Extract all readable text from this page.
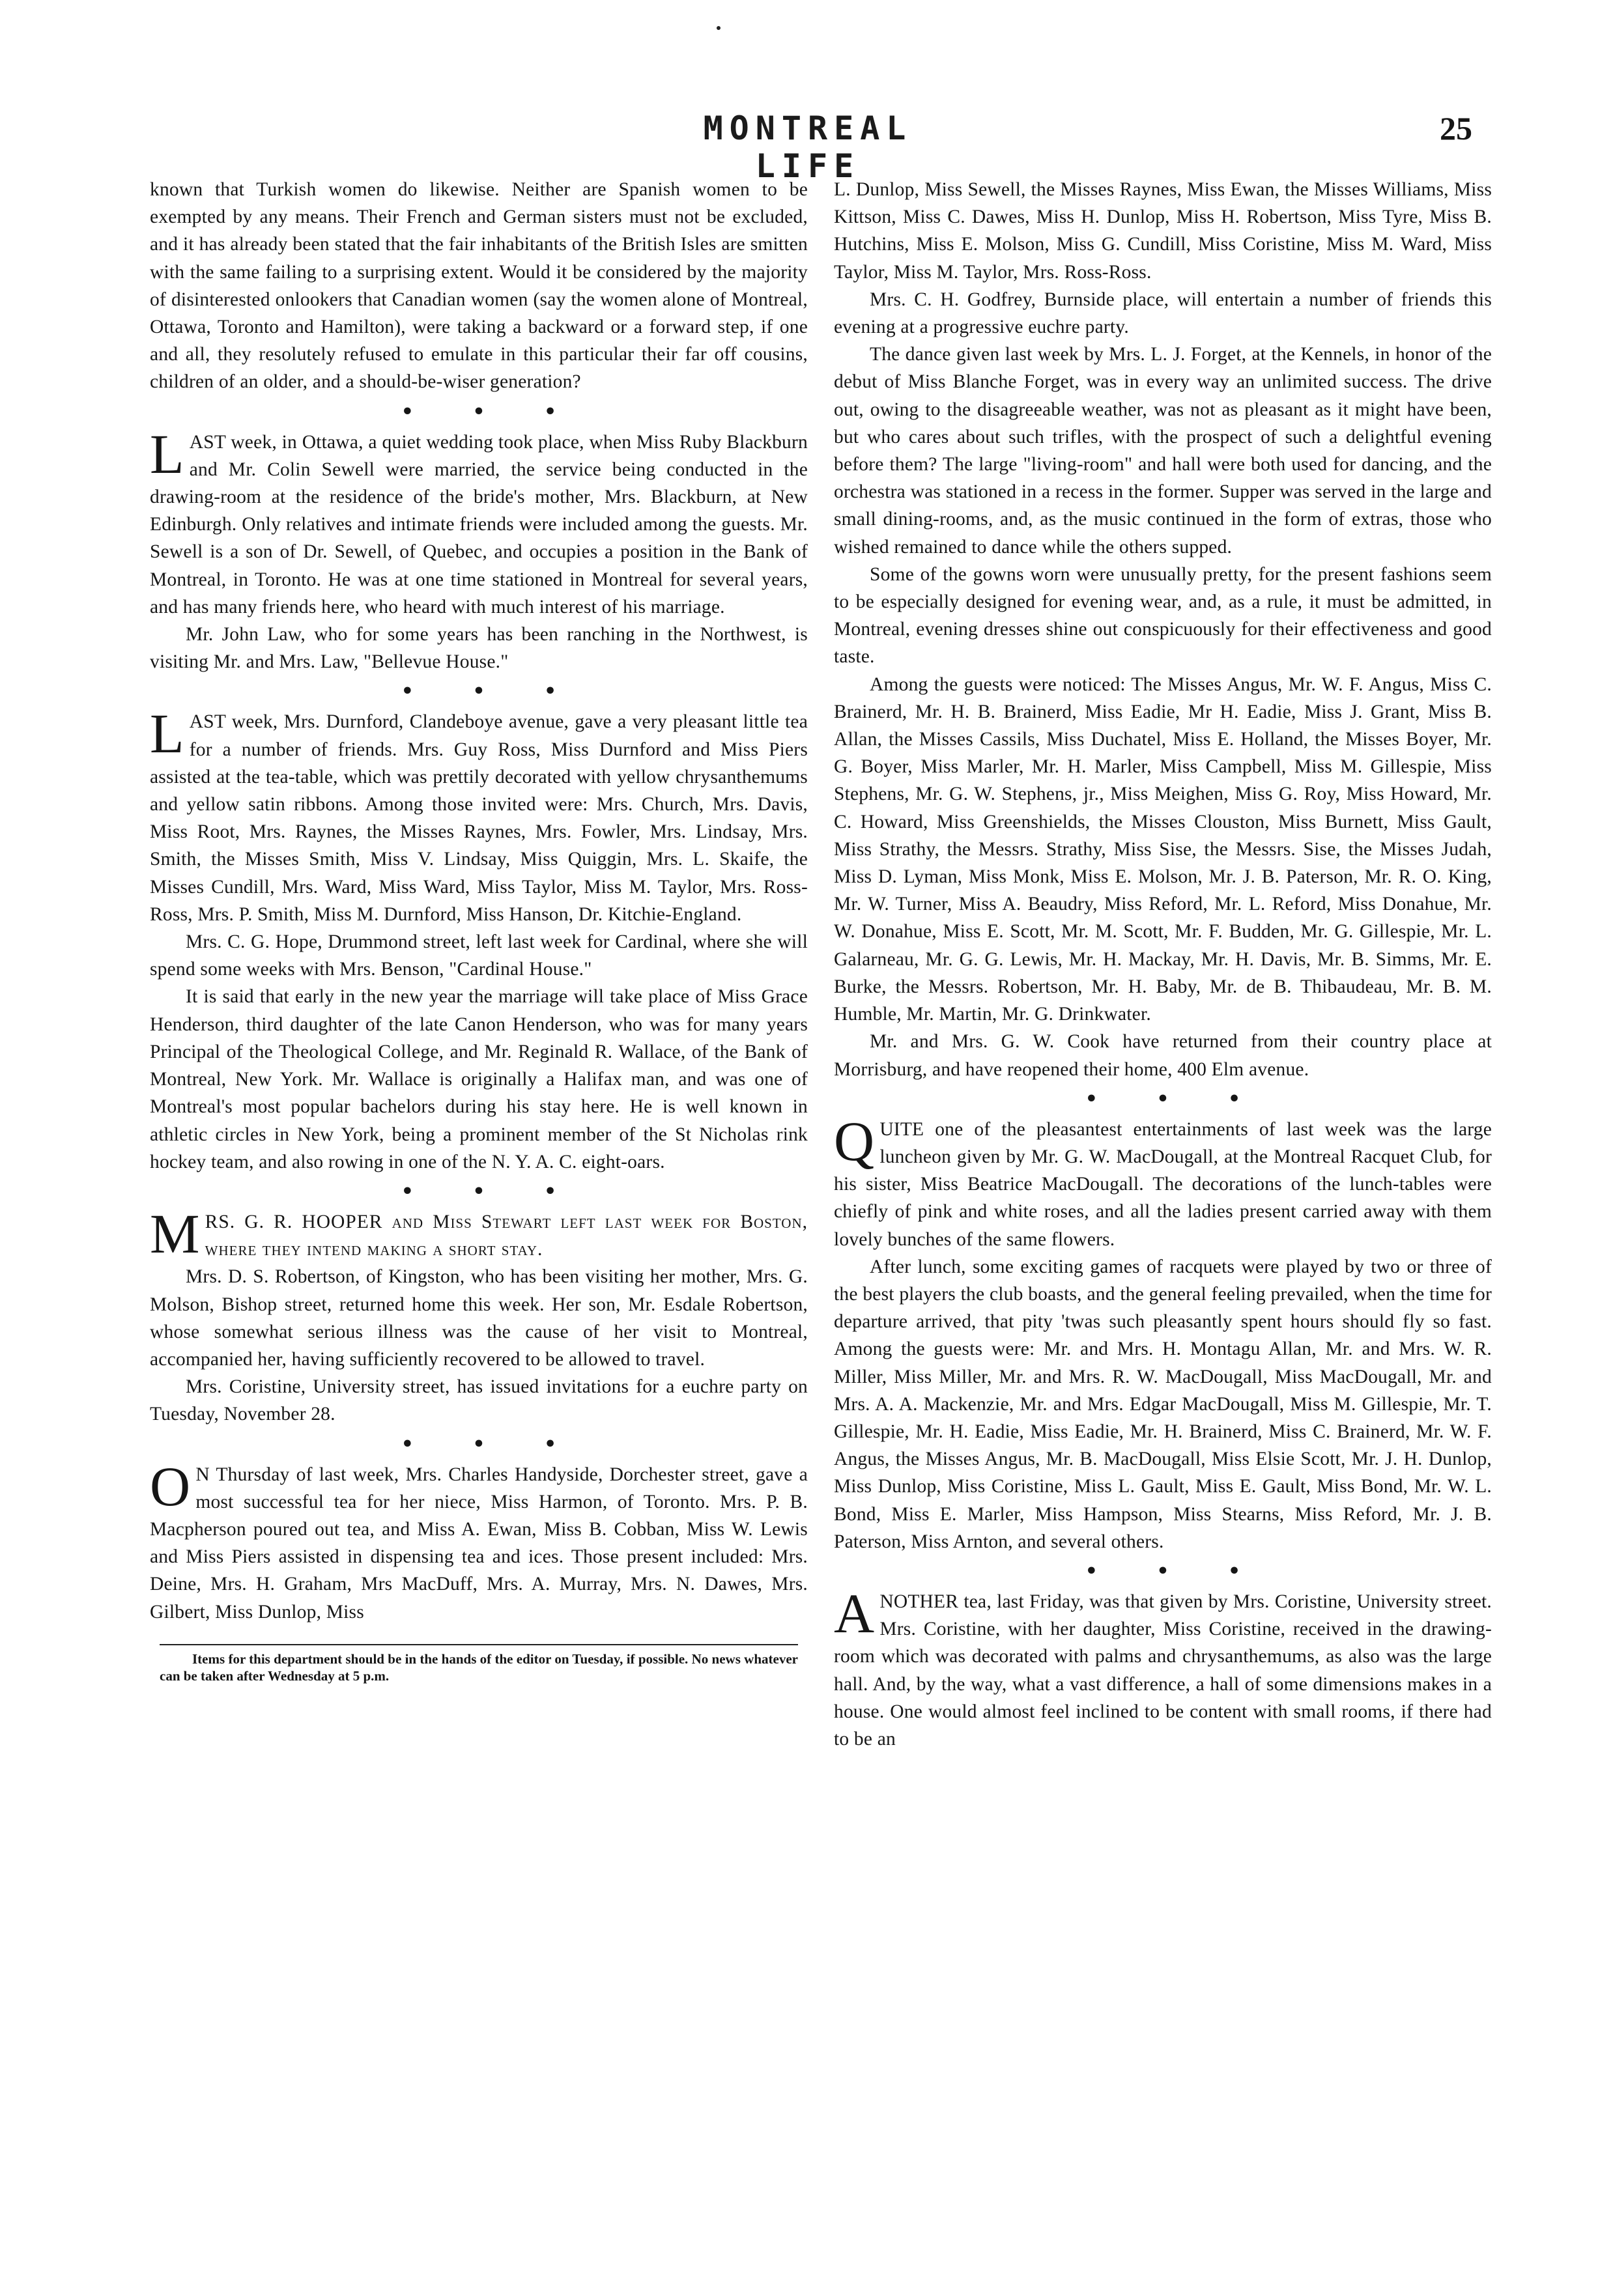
MONTREAL LIFE
25

known that Turkish women do likewise. Neither are Spanish women to be exempted by any means. Their French and German sisters must not be excluded, and it has already been stated that the fair inhabitants of the British Isles are smitten with the same failing to a surprising extent. Would it be considered by the majority of disinterested onlookers that Canadian women (say the women alone of Montreal, Ottawa, Toronto and Hamilton), were taking a backward or a forward step, if one and all, they resolutely refused to emulate in this particular their far off cousins, children of an older, and a should-be-wiser generation?

• • •

LAST week, in Ottawa, a quiet wedding took place, when Miss Ruby Blackburn and Mr. Colin Sewell were married, the service being conducted in the drawing-room at the residence of the bride's mother, Mrs. Blackburn, at New Edinburgh. Only relatives and intimate friends were included among the guests. Mr. Sewell is a son of Dr. Sewell, of Quebec, and occupies a position in the Bank of Montreal, in Toronto. He was at one time stationed in Montreal for several years, and has many friends here, who heard with much interest of his marriage.

Mr. John Law, who for some years has been ranching in the Northwest, is visiting Mr. and Mrs. Law, "Bellevue House."

• • •

LAST week, Mrs. Durnford, Clandeboye avenue, gave a very pleasant little tea for a number of friends. Mrs. Guy Ross, Miss Durnford and Miss Piers assisted at the tea-table, which was prettily decorated with yellow chrysanthemums and yellow satin ribbons. Among those invited were: Mrs. Church, Mrs. Davis, Miss Root, Mrs. Raynes, the Misses Raynes, Mrs. Fowler, Mrs. Lindsay, Mrs. Smith, the Misses Smith, Miss V. Lindsay, Miss Quiggin, Mrs. L. Skaife, the Misses Cundill, Mrs. Ward, Miss Ward, Miss Taylor, Miss M. Taylor, Mrs. Ross-Ross, Mrs. P. Smith, Miss M. Durnford, Miss Hanson, Dr. Kitchie-England.

Mrs. C. G. Hope, Drummond street, left last week for Cardinal, where she will spend some weeks with Mrs. Benson, "Cardinal House."

It is said that early in the new year the marriage will take place of Miss Grace Henderson, third daughter of the late Canon Henderson, who was for many years Principal of the Theological College, and Mr. Reginald R. Wallace, of the Bank of Montreal, New York. Mr. Wallace is originally a Halifax man, and was one of Montreal's most popular bachelors during his stay here. He is well known in athletic circles in New York, being a prominent member of the St Nicholas rink hockey team, and also rowing in one of the N. Y. A. C. eight-oars.

• • •

MRS. G. R. HOOPER and Miss Stewart left last week for Boston, where they intend making a short stay.

Mrs. D. S. Robertson, of Kingston, who has been visiting her mother, Mrs. G. Molson, Bishop street, returned home this week. Her son, Mr. Esdale Robertson, whose somewhat serious illness was the cause of her visit to Montreal, accompanied her, having sufficiently recovered to be allowed to travel.

Mrs. Coristine, University street, has issued invitations for a euchre party on Tuesday, November 28.

• • •

O N Thursday of last week, Mrs. Charles Handyside, Dorchester street, gave a most successful tea for her niece, Miss Harmon, of Toronto. Mrs. P. B. Macpherson poured out tea, and Miss A. Ewan, Miss B. Cobban, Miss W. Lewis and Miss Piers assisted in dispensing tea and ices. Those present included: Mrs. Deine, Mrs. H. Graham, Mrs MacDuff, Mrs. A. Murray, Mrs. N. Dawes, Mrs. Gilbert, Miss Dunlop, Miss

Items for this department should be in the hands of the editor on Tuesday, if possible. No news whatever can be taken after Wednesday at 5 p.m.

L. Dunlop, Miss Sewell, the Misses Raynes, Miss Ewan, the Misses Williams, Miss Kittson, Miss C. Dawes, Miss H. Dunlop, Miss H. Robertson, Miss Tyre, Miss B. Hutchins, Miss E. Molson, Miss G. Cundill, Miss Coristine, Miss M. Ward, Miss Taylor, Miss M. Taylor, Mrs. Ross-Ross.

Mrs. C. H. Godfrey, Burnside place, will entertain a number of friends this evening at a progressive euchre party.

The dance given last week by Mrs. L. J. Forget, at the Kennels, in honor of the debut of Miss Blanche Forget, was in every way an unlimited success. The drive out, owing to the disagreeable weather, was not as pleasant as it might have been, but who cares about such trifles, with the prospect of such a delightful evening before them? The large "living-room" and hall were both used for dancing, and the orchestra was stationed in a recess in the former. Supper was served in the large and small dining-rooms, and, as the music continued in the form of extras, those who wished remained to dance while the others supped.

Some of the gowns worn were unusually pretty, for the present fashions seem to be especially designed for evening wear, and, as a rule, it must be admitted, in Montreal, evening dresses shine out conspicuously for their effectiveness and good taste.

Among the guests were noticed: The Misses Angus, Mr. W. F. Angus, Miss C. Brainerd, Mr. H. B. Brainerd, Miss Eadie, Mr H. Eadie, Miss J. Grant, Miss B. Allan, the Misses Cassils, Miss Duchatel, Miss E. Holland, the Misses Boyer, Mr. G. Boyer, Miss Marler, Mr. H. Marler, Miss Campbell, Miss M. Gillespie, Miss Stephens, Mr. G. W. Stephens, jr., Miss Meighen, Miss G. Roy, Miss Howard, Mr. C. Howard, Miss Greenshields, the Misses Clouston, Miss Burnett, Miss Gault, Miss Strathy, the Messrs. Strathy, Miss Sise, the Messrs. Sise, the Misses Judah, Miss D. Lyman, Miss Monk, Miss E. Molson, Mr. J. B. Paterson, Mr. R. O. King, Mr. W. Turner, Miss A. Beaudry, Miss Reford, Mr. L. Reford, Miss Donahue, Mr. W. Donahue, Miss E. Scott, Mr. M. Scott, Mr. F. Budden, Mr. G. Gillespie, Mr. L. Galarneau, Mr. G. G. Lewis, Mr. H. Mackay, Mr. H. Davis, Mr. B. Simms, Mr. E. Burke, the Messrs. Robertson, Mr. H. Baby, Mr. de B. Thibaudeau, Mr. B. M. Humble, Mr. Martin, Mr. G. Drinkwater.

Mr. and Mrs. G. W. Cook have returned from their country place at Morrisburg, and have reopened their home, 400 Elm avenue.

• • •

QUITE one of the pleasantest entertainments of last week was the large luncheon given by Mr. G. W. MacDougall, at the Montreal Racquet Club, for his sister, Miss Beatrice MacDougall. The decorations of the lunch-tables were chiefly of pink and white roses, and all the ladies present carried away with them lovely bunches of the same flowers.

After lunch, some exciting games of racquets were played by two or three of the best players the club boasts, and the general feeling prevailed, when the time for departure arrived, that pity 'twas such pleasantly spent hours should fly so fast. Among the guests were: Mr. and Mrs. H. Montagu Allan, Mr. and Mrs. W. R. Miller, Miss Miller, Mr. and Mrs. R. W. MacDougall, Miss MacDougall, Mr. and Mrs. A. A. Mackenzie, Mr. and Mrs. Edgar MacDougall, Miss M. Gillespie, Mr. T. Gillespie, Mr. H. Eadie, Miss Eadie, Mr. H. Brainerd, Miss C. Brainerd, Mr. W. F. Angus, the Misses Angus, Mr. B. MacDougall, Miss Elsie Scott, Mr. J. H. Dunlop, Miss Dunlop, Miss Coristine, Miss L. Gault, Miss E. Gault, Miss Bond, Mr. W. L. Bond, Miss E. Marler, Miss Hampson, Miss Stearns, Miss Reford, Mr. J. B. Paterson, Miss Arnton, and several others.

• • •

ANOTHER tea, last Friday, was that given by Mrs. Coristine, University street. Mrs. Coristine, with her daughter, Miss Coristine, received in the drawing-room which was decorated with palms and chrysanthemums, as also was the large hall. And, by the way, what a vast difference, a hall of some dimensions makes in a house. One would almost feel inclined to be content with small rooms, if there had to be an
